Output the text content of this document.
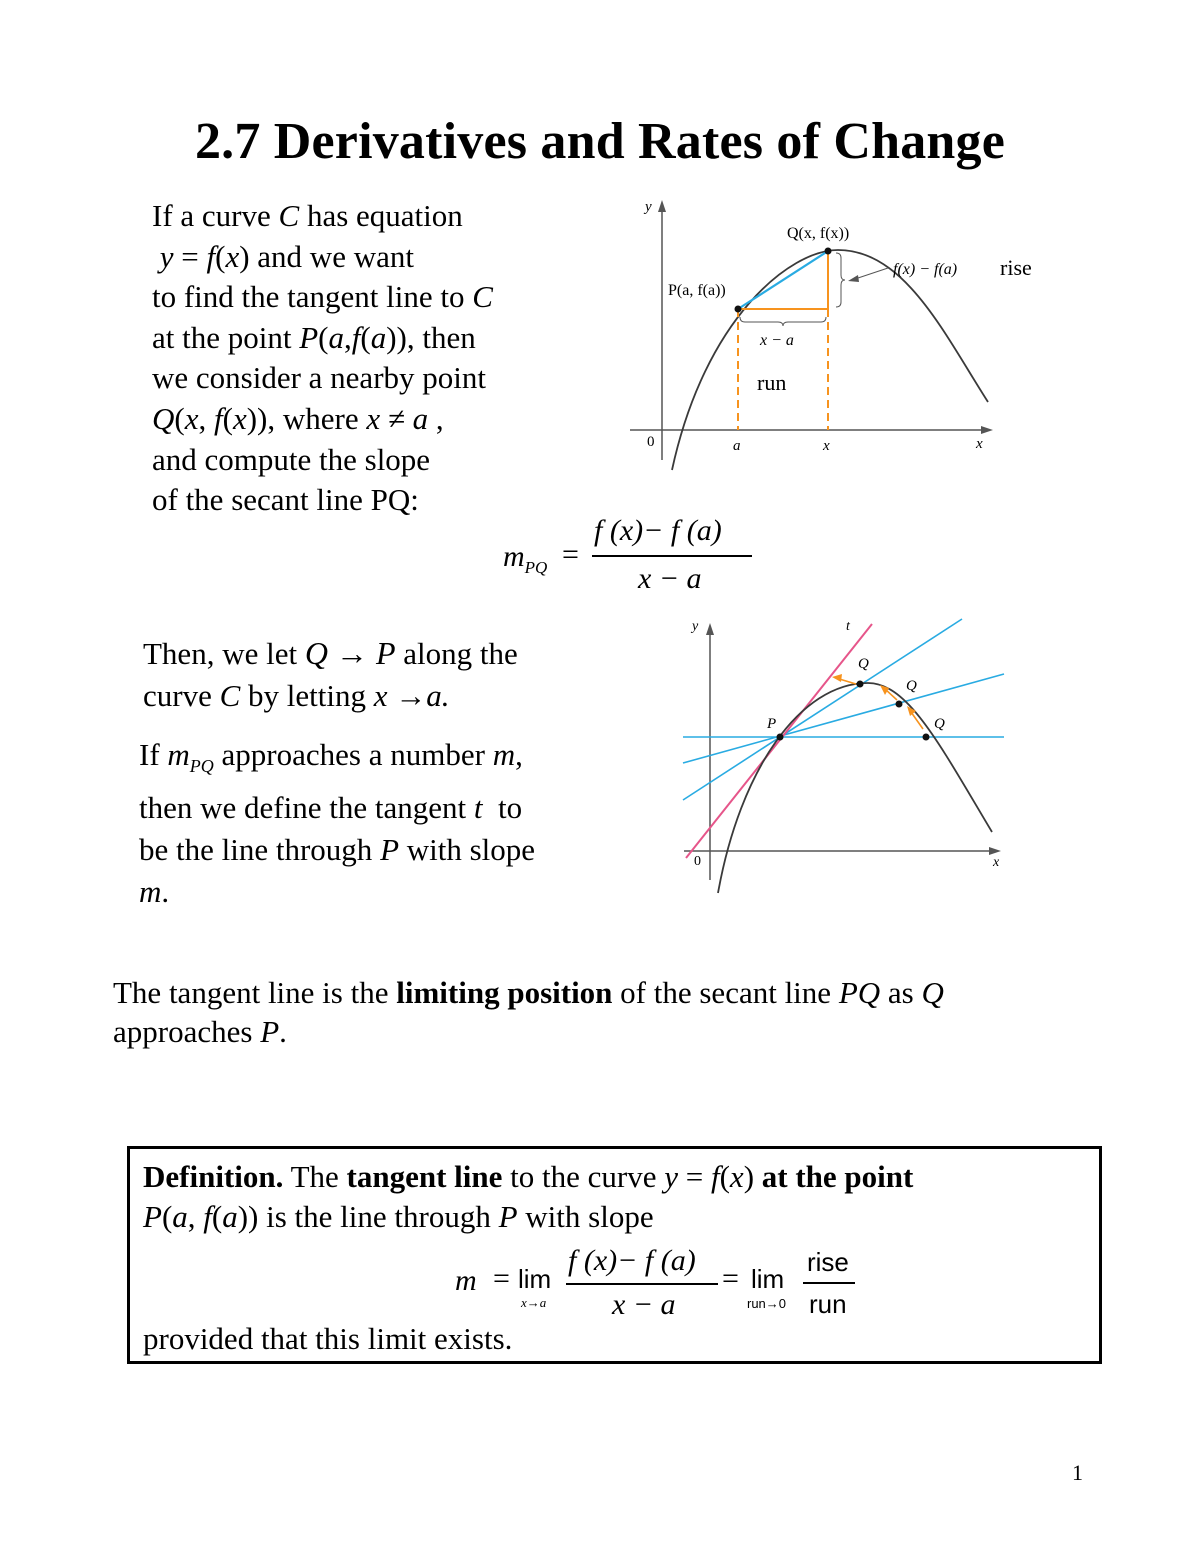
2.7 Derivatives and Rates of Change
If a curve C has equation
y = f(x) and we want
to find the tangent line to C
at the point P(a,f(a)), then
we consider a nearby point
Q(x, f(x)), where x ≠ a ,
and compute the slope
of the secant line PQ:
$m_{PQ}$ =
f (x)− f (a)
x − a
y
x
0	a	x
P(a, f(a))
Q(x, f(x))
f(x) − f(a) rise
x − a
run
Then, we let Q → P along the
curve C by letting x →a.
If $m_{PQ}$ approaches a number m,
then we define the tangent t  to
be the line through P with slope
m.
y
x
0
t
P
Q
Q
Q
The tangent line is the limiting position of the secant line PQ as Q
approaches P.
Definition. The tangent line to the curve y = f(x) at the point
P(a, f(a)) is the line through P with slope
m = lim
x→a
f (x)− f (a)
x − a
= lim
run→0
rise
run
provided that this limit exists.
1
